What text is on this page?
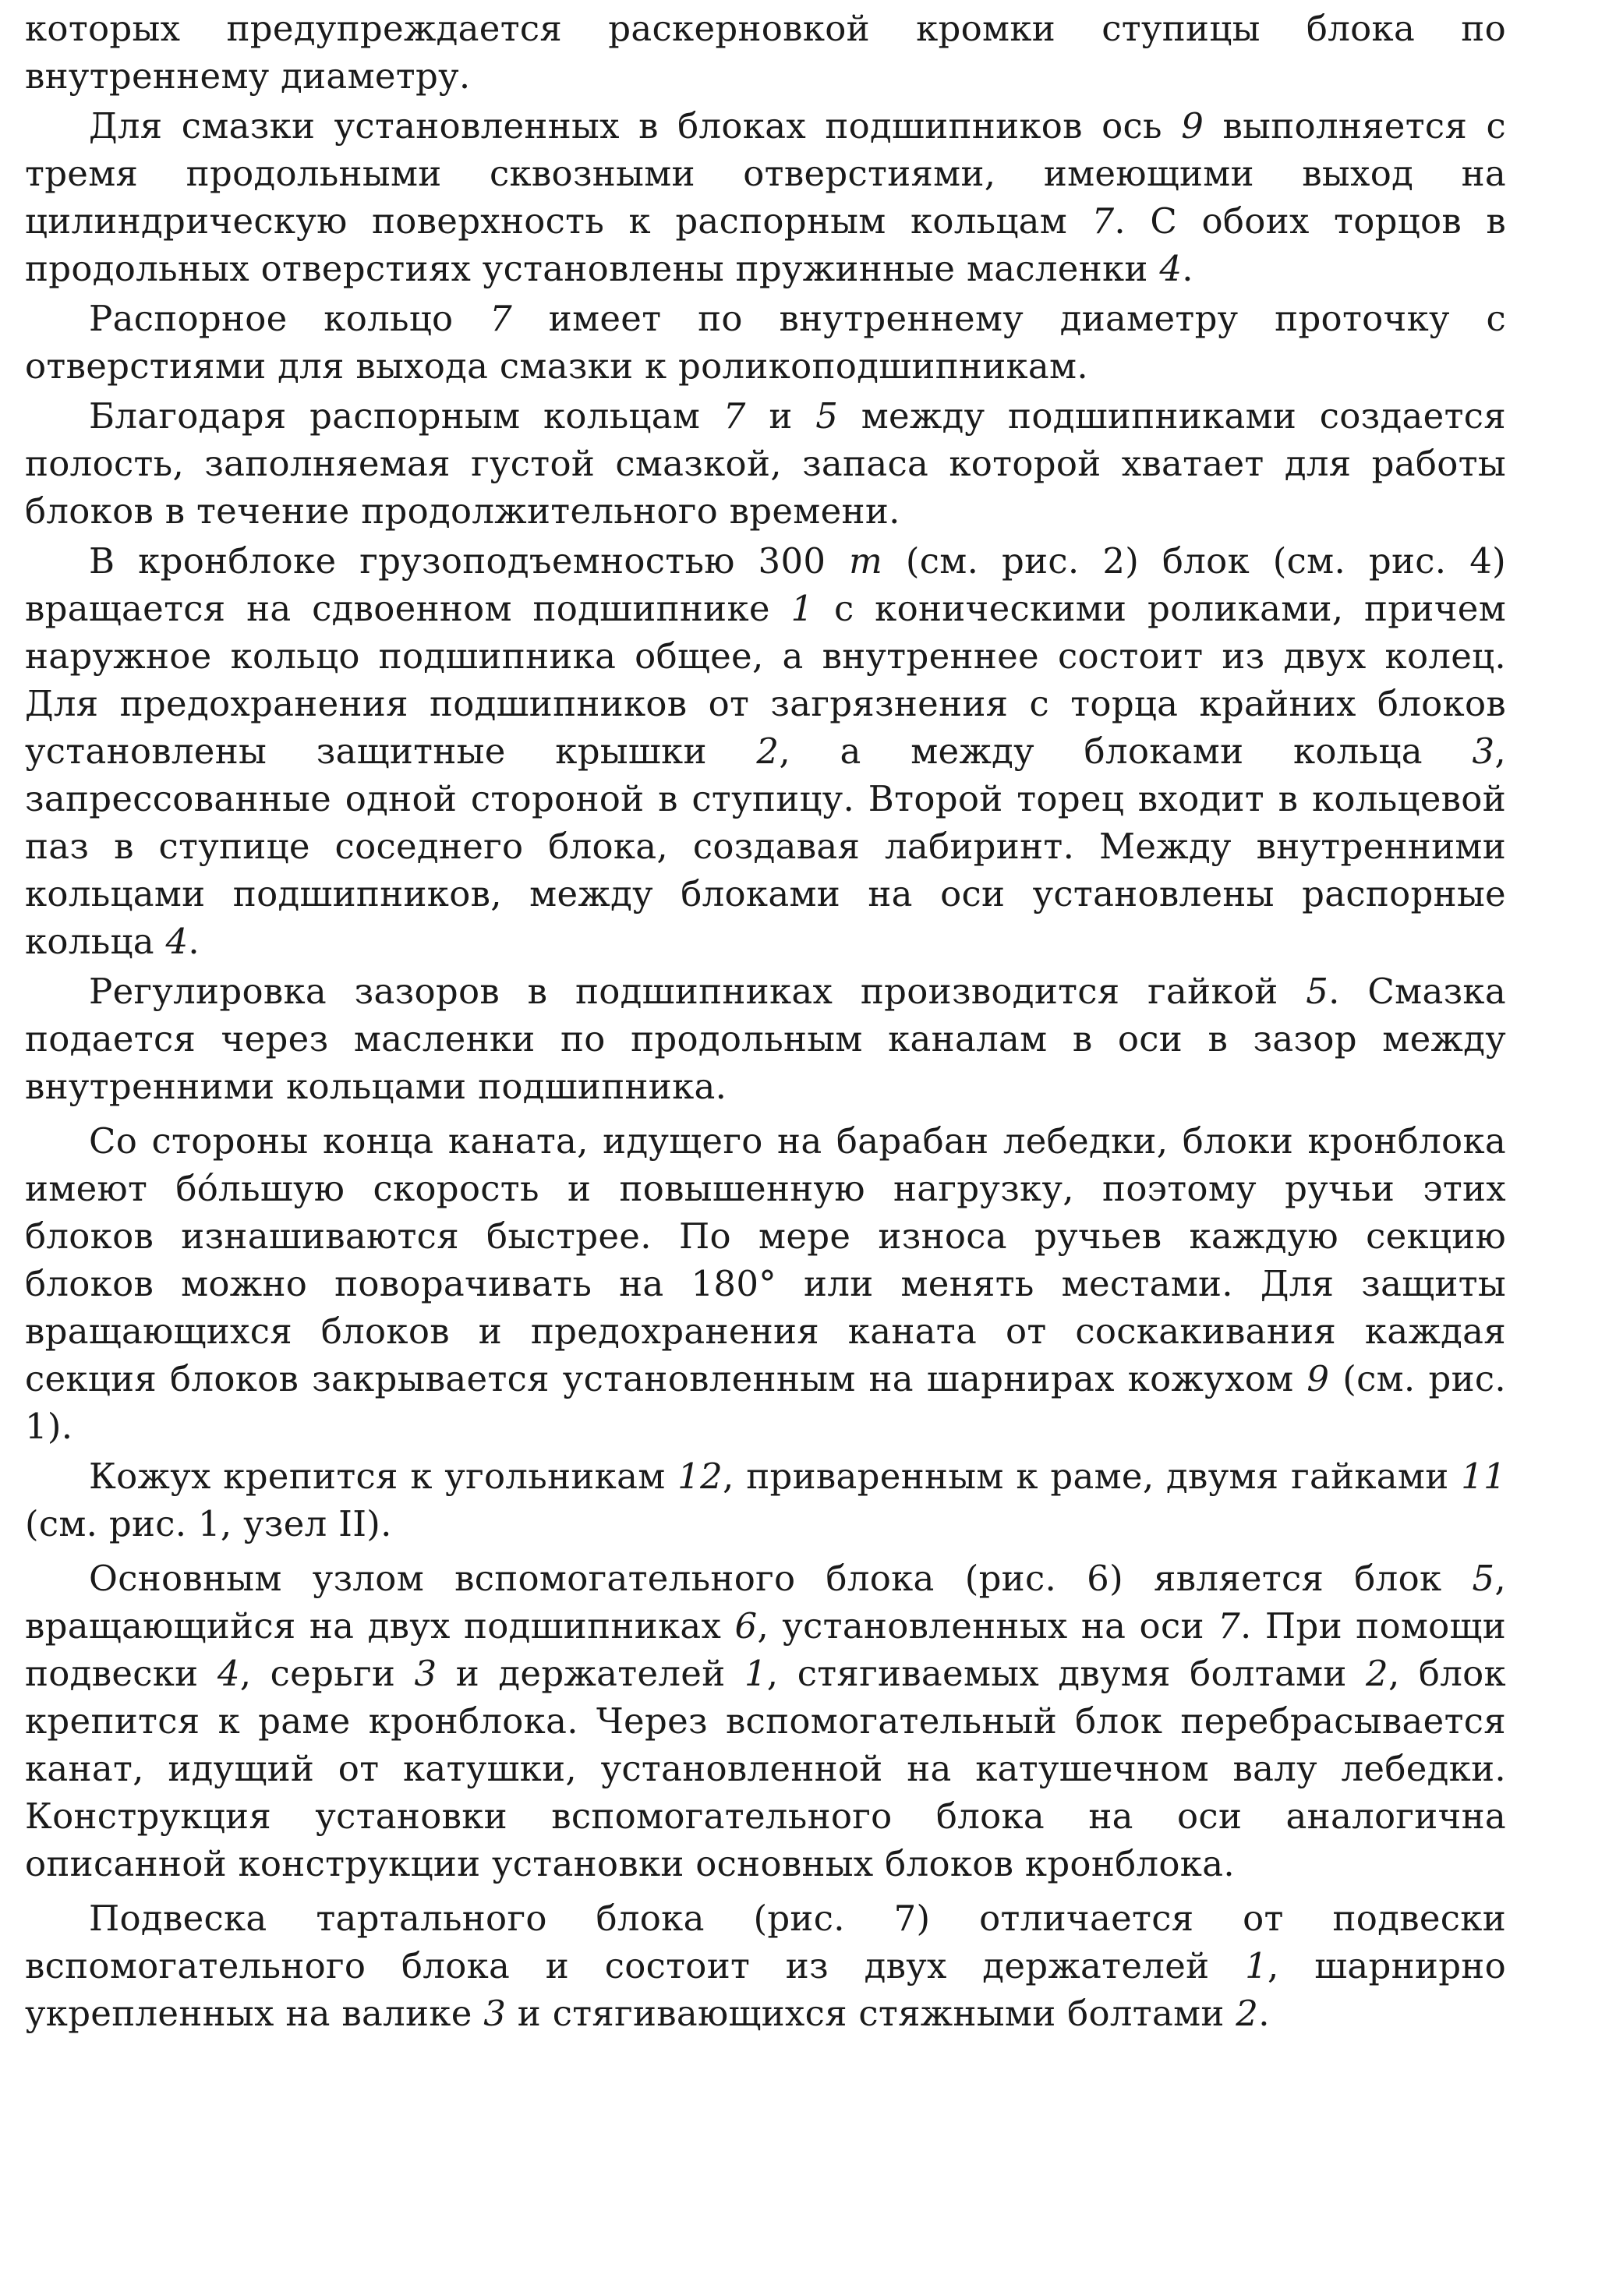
которых предупреждается раскерновкой кромки ступицы блока по внутреннему диаметру.

Для смазки установленных в блоках подшипников ось 9 выполняется с тремя продольными сквозными отверстиями, имеющими выход на цилиндрическую поверхность к распорным кольцам 7. С обоих торцов в продольных отверстиях установлены пружинные масленки 4.

Распорное кольцо 7 имеет по внутреннему диаметру проточку с отверстиями для выхода смазки к роликоподшипникам.

Благодаря распорным кольцам 7 и 5 между подшипниками создается полость, заполняемая густой смазкой, запаса которой хватает для работы блоков в течение продолжительного времени.

В кронблоке грузоподъемностью 300 т (см. рис. 2) блок (см. рис. 4) вращается на сдвоенном подшипнике 1 с коническими роликами, причем наружное кольцо подшипника общее, а внутреннее состоит из двух колец. Для предохранения подшипников от загрязнения с торца крайних блоков установлены защитные крышки 2, а между блоками кольца 3, запрессованные одной стороной в ступицу. Второй торец входит в кольцевой паз в ступице соседнего блока, создавая лабиринт. Между внутренними кольцами подшипников, между блоками на оси установлены распорные кольца 4.

Регулировка зазоров в подшипниках производится гайкой 5. Смазка подается через масленки по продольным каналам в оси в зазор между внутренними кольцами подшипника.

Со стороны конца каната, идущего на барабан лебедки, блоки кронблока имеют бо́льшую скорость и повышенную нагрузку, поэтому ручьи этих блоков изнашиваются быстрее. По мере износа ручьев каждую секцию блоков можно поворачивать на 180° или менять местами. Для защиты вращающихся блоков и предохранения каната от соскакивания каждая секция блоков закрывается установленным на шарнирах кожухом 9 (см. рис. 1).

Кожух крепится к угольникам 12, приваренным к раме, двумя гайками 11 (см. рис. 1, узел II).

Основным узлом вспомогательного блока (рис. 6) является блок 5, вращающийся на двух подшипниках 6, установленных на оси 7. При помощи подвески 4, серьги 3 и держателей 1, стягиваемых двумя болтами 2, блок крепится к раме кронблока. Через вспомогательный блок перебрасывается канат, идущий от катушки, установленной на катушечном валу лебедки. Конструкция установки вспомогательного блока на оси аналогична описанной конструкции установки основных блоков кронблока.

Подвеска тартального блока (рис. 7) отличается от подвески вспомогательного блока и состоит из двух держателей 1, шарнирно укрепленных на валике 3 и стягивающихся стяжными болтами 2.
